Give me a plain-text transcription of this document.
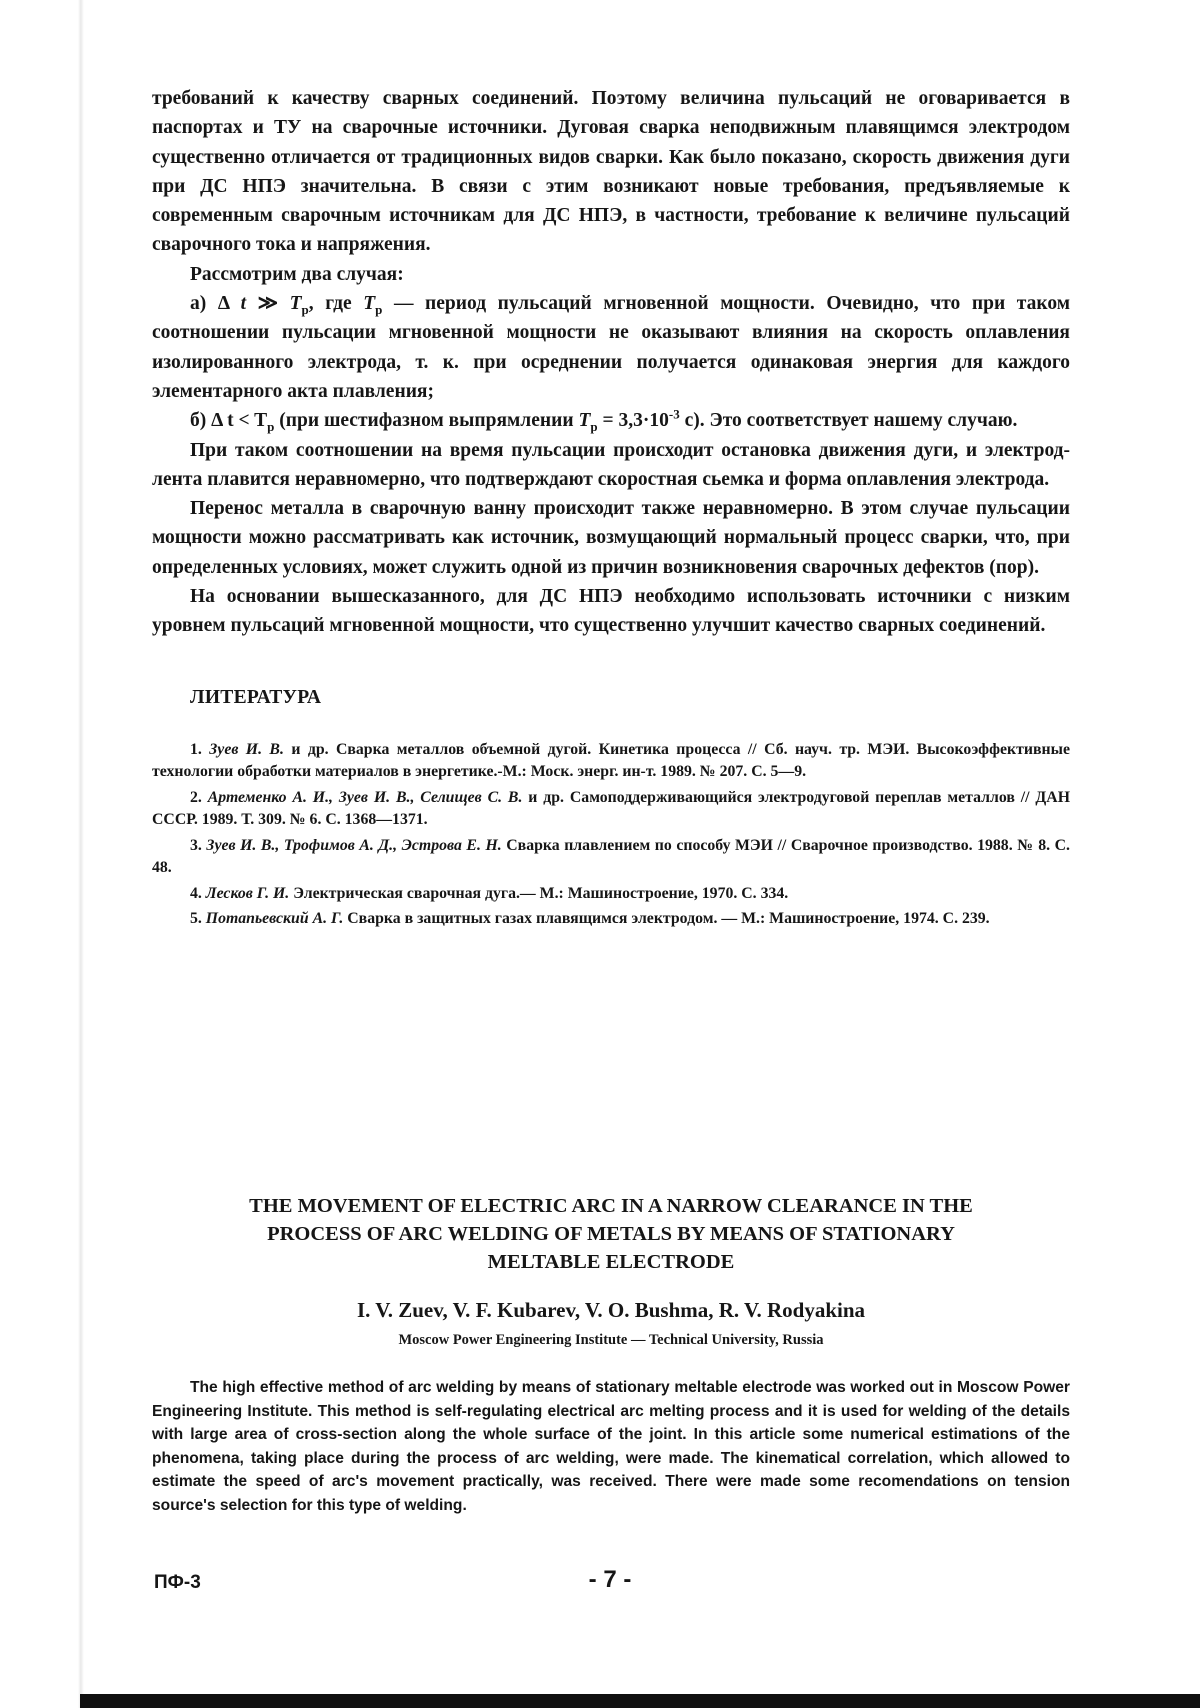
требований к качеству сварных соединений. Поэтому величина пульсаций не оговаривается в паспортах и ТУ на сварочные источники. Дуговая сварка неподвижным плавящимся электродом существенно отличается от традиционных видов сварки. Как было показано, скорость движения дуги при ДС НПЭ значительна. В связи с этим возникают новые требования, предъявляемые к современным сварочным источникам для ДС НПЭ, в частности, требование к величине пульсаций сварочного тока и напряжения.

Рассмотрим два случая:

а) Δ t ≫ $T_р$, где $T_р$ — период пульсаций мгновенной мощности. Очевидно, что при таком соотношении пульсации мгновенной мощности не оказывают влияния на скорость оплавления изолированного электрода, т. к. при осреднении получается одинаковая энергия для каждого элементарного акта плавления;

б) Δ $t < T_p$ (при шестифазном выпрямлении $T_р = 3,3\cdot 10^{-3}$ с). Это соответствует нашему случаю.

При таком соотношении на время пульсации происходит остановка движения дуги, и электрод-лента плавится неравномерно, что подтверждают скоростная сьемка и форма оплавления электрода.

Перенос металла в сварочную ванну происходит также неравномерно. В этом случае пульсации мощности можно рассматривать как источник, возмущающий нормальный процесс сварки, что, при определенных условиях, может служить одной из причин возникновения сварочных дефектов (пор).

На основании вышесказанного, для ДС НПЭ необходимо использовать источники с низким уровнем пульсаций мгновенной мощности, что существенно улучшит качество сварных соединений.

ЛИТЕРАТУРА

1. Зуев И. В. и др. Сварка металлов объемной дугой. Кинетика процесса // Сб. науч. тр. МЭИ. Высокоэффективные технологии обработки материалов в энергетике.-М.: Моск. энерг. ин-т. 1989. № 207. С. 5—9.

2. Артеменко А. И., Зуев И. В., Селищев С. В. и др. Самоподдерживающийся электродуговой переплав металлов // ДАН СССР. 1989. Т. 309. № 6. С. 1368—1371.

3. Зуев И. В., Трофимов А. Д., Эстрова Е. Н. Сварка плавлением по способу МЭИ // Сварочное производство. 1988. № 8. С. 48.

4. Лесков Г. И. Электрическая сварочная дуга.— М.: Машиностроение, 1970. С. 334.

5. Потапьевский А. Г. Сварка в защитных газах плавящимся электродом. — М.: Машиностроение, 1974. С. 239.

THE MOVEMENT OF ELECTRIC ARC IN A NARROW CLEARANCE IN THE
PROCESS OF ARC WELDING OF METALS BY MEANS OF STATIONARY
MELTABLE ELECTRODE
I. V. Zuev, V. F. Kubarev, V. O. Bushma, R. V. Rodyakina
Moscow Power Engineering Institute — Technical University, Russia

The high effective method of arc welding by means of stationary meltable electrode was worked out in Moscow Power Engineering Institute. This method is self-regulating electrical arc melting process and it is used for welding of the details with large area of cross-section along the whole surface of the joint. In this article some numerical estimations of the phenomena, taking place during the process of arc welding, were made. The kinematical correlation, which allowed to estimate the speed of arc's movement practically, was received. There were made some recomendations on tension source's selection for this type of welding.

ПФ-3	- 7 -
